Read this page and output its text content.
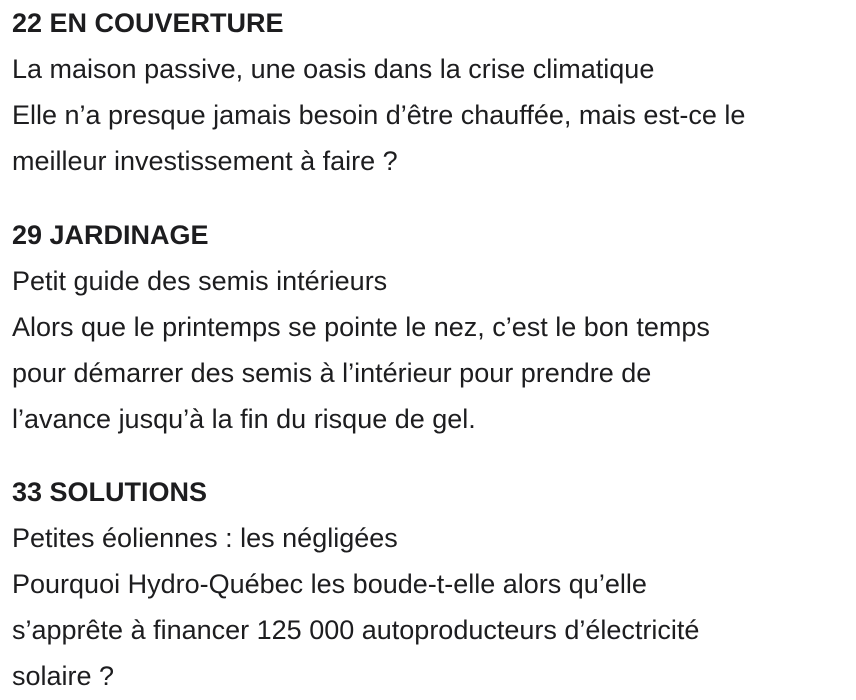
22 EN COUVERTURE

La maison passive, une oasis dans la crise climatique

Elle n’a presque jamais besoin d’être chauffée, mais est-ce le
meilleur investissement à faire ?

29 JARDINAGE

Petit guide des semis intérieurs

Alors que le printemps se pointe le nez, c’est le bon temps
pour démarrer des semis à l’intérieur pour prendre de
l’avance jusqu’à la fin du risque de gel.

33 SOLUTIONS

Petites éoliennes : les négligées

Pourquoi Hydro-Québec les boude-t-elle alors qu’elle
s’apprête à financer 125 000 autoproducteurs d’électricité
solaire ?
